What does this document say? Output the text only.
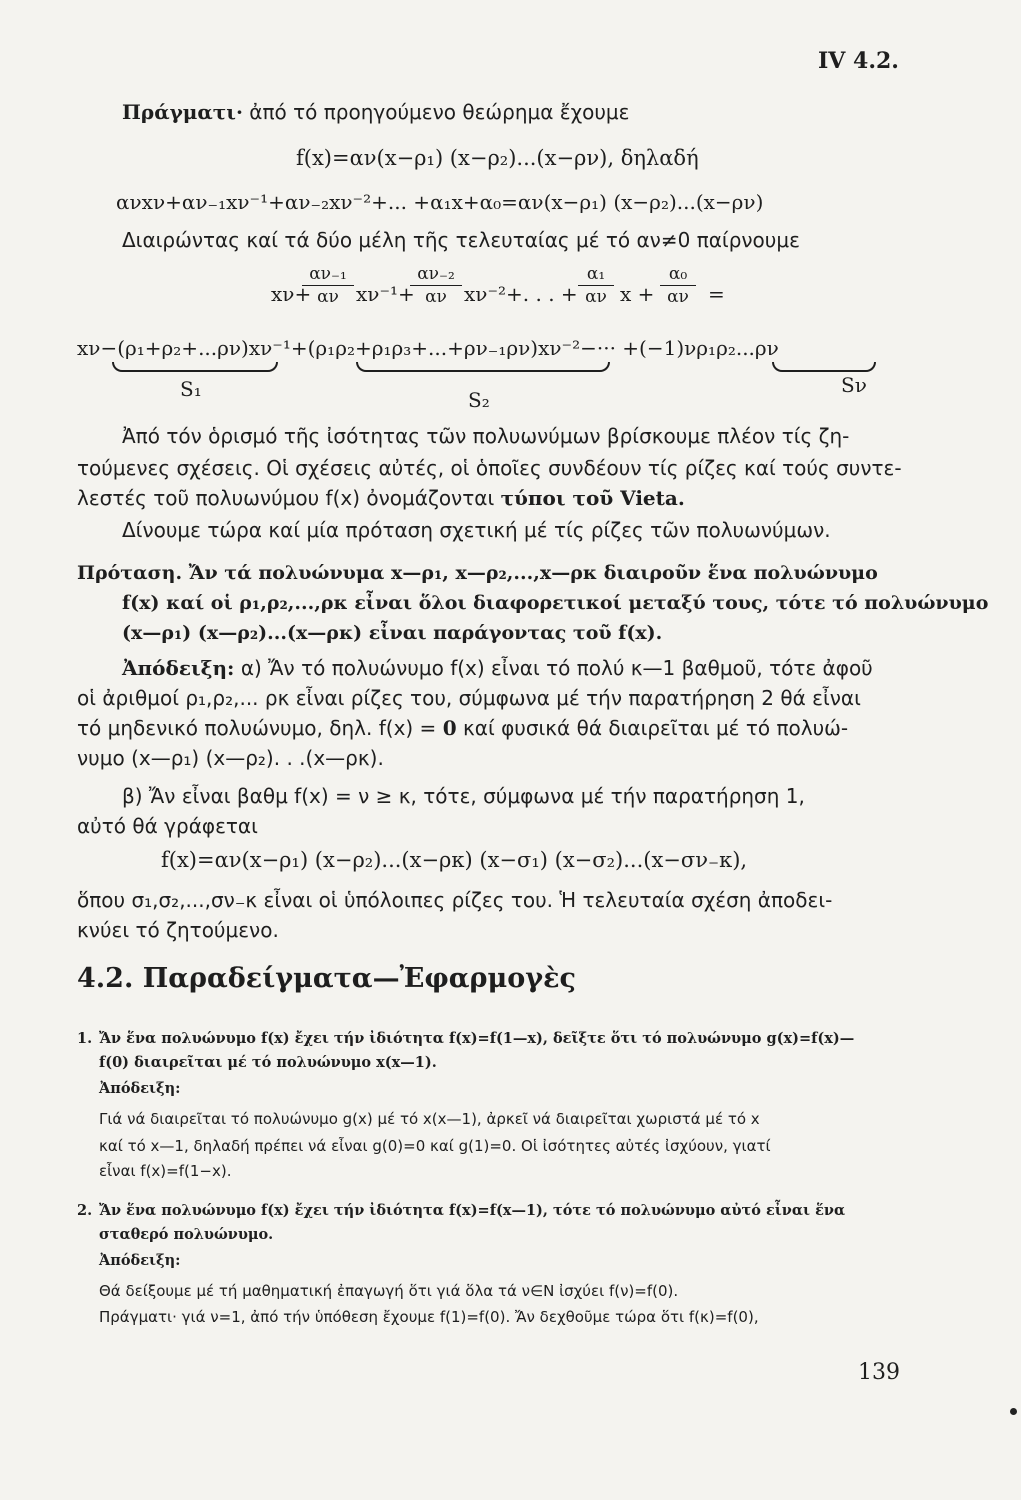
IV 4.2.
Πράγματι· ἀπό τό προηγούμενο θεώρημα ἔχουμε
f(x)=αν(x−ρ₁) (x−ρ₂)...(x−ρν), δηλαδή
ανxν+αν₋₁xν⁻¹+αν₋₂xν⁻²+... +α₁x+α₀=αν(x−ρ₁) (x−ρ₂)...(x−ρν)
Διαιρώντας καί τά δύο μέλη τῆς τελευταίας μέ τό αν≠0 παίρνουμε
xν+
αν₋₁
αν xν⁻¹+
αν₋₂
αν xν⁻²+. . . +
α₁
αν x +
α₀
αν =
xν−(ρ₁+ρ₂+...ρν)xν⁻¹+(ρ₁ρ₂+ρ₁ρ₃+...+ρν₋₁ρν)xν⁻²−··· +(−1)νρ₁ρ₂...ρν
S₁	S₂
Sν
Ἀπό τόν ὁρισμό τῆς ἰσότητας τῶν πολυωνύμων βρίσκουμε πλέον τίς ζη-
τούμενες σχέσεις. Οἱ σχέσεις αὐτές, οἱ ὁποῖες συνδέουν τίς ρίζες καί τούς συντε-
λεστές τοῦ πολυωνύμου f(x) ὀνομάζονται τύποι τοῦ Vieta.
Δίνουμε τώρα καί μία πρόταση σχετική μέ τίς ρίζες τῶν πολυωνύμων.
Πρόταση. Ἄν τά πολυώνυμα x—ρ₁, x—ρ₂,...,x—ρκ διαιροῦν ἕνα πολυώνυμο
f(x) καί οἱ ρ₁,ρ₂,...,ρκ εἶναι ὅλοι διαφορετικοί μεταξύ τους, τότε τό πολυώνυμο
(x—ρ₁) (x—ρ₂)...(x—ρκ) εἶναι παράγοντας τοῦ f(x).
Ἀπόδειξη: α) Ἄν τό πολυώνυμο f(x) εἶναι τό πολύ κ—1 βαθμοῦ, τότε ἀφοῦ
οἱ ἀριθμοί ρ₁,ρ₂,... ρκ εἶναι ρίζες του, σύμφωνα μέ τήν παρατήρηση 2 θά εἶναι
τό μηδενικό πολυώνυμο, δηλ. f(x) = 0 καί φυσικά θά διαιρεῖται μέ τό πολυώ-
νυμο (x—ρ₁) (x—ρ₂). . .(x—ρκ).
β) Ἄν εἶναι βαθμ f(x) = ν ≥ κ, τότε, σύμφωνα μέ τήν παρατήρηση 1,
αὐτό θά γράφεται
f(x)=αν(x−ρ₁) (x−ρ₂)...(x−ρκ) (x−σ₁) (x−σ₂)...(x−σν₋κ),
ὅπου σ₁,σ₂,...,σν₋κ εἶναι οἱ ὑπόλοιπες ρίζες του. Ἡ τελευταία σχέση ἀποδει-
κνύει τό ζητούμενο.
4.2. Παραδείγματα—Ἐφαρμογὲς
1. Ἄν ἕνα πολυώνυμο f(x) ἔχει τήν ἰδιότητα f(x)=f(1—x), δεῖξτε ὅτι τό πολυώνυμο g(x)=f(x)—
f(0) διαιρεῖται μέ τό πολυώνυμο x(x—1).
Ἀπόδειξη:
Γιά νά διαιρεῖται τό πολυώνυμο g(x) μέ τό x(x—1), ἀρκεῖ νά διαιρεῖται χωριστά μέ τό x
καί τό x—1, δηλαδή πρέπει νά εἶναι g(0)=0 καί g(1)=0. Οἱ ἰσότητες αὐτές ἰσχύουν, γιατί
εἶναι f(x)=f(1−x).
2. Ἄν ἕνα πολυώνυμο f(x) ἔχει τήν ἰδιότητα f(x)=f(x—1), τότε τό πολυώνυμο αὐτό εἶναι ἕνα
σταθερό πολυώνυμο.
Ἀπόδειξη:
Θά δείξουμε μέ τή μαθηματική ἐπαγωγή ὅτι γιά ὅλα τά ν∈N ἰσχύει f(ν)=f(0).
Πράγματι· γιά ν=1, ἀπό τήν ὑπόθεση ἔχουμε f(1)=f(0). Ἄν δεχθοῦμε τώρα ὅτι f(κ)=f(0),
139
